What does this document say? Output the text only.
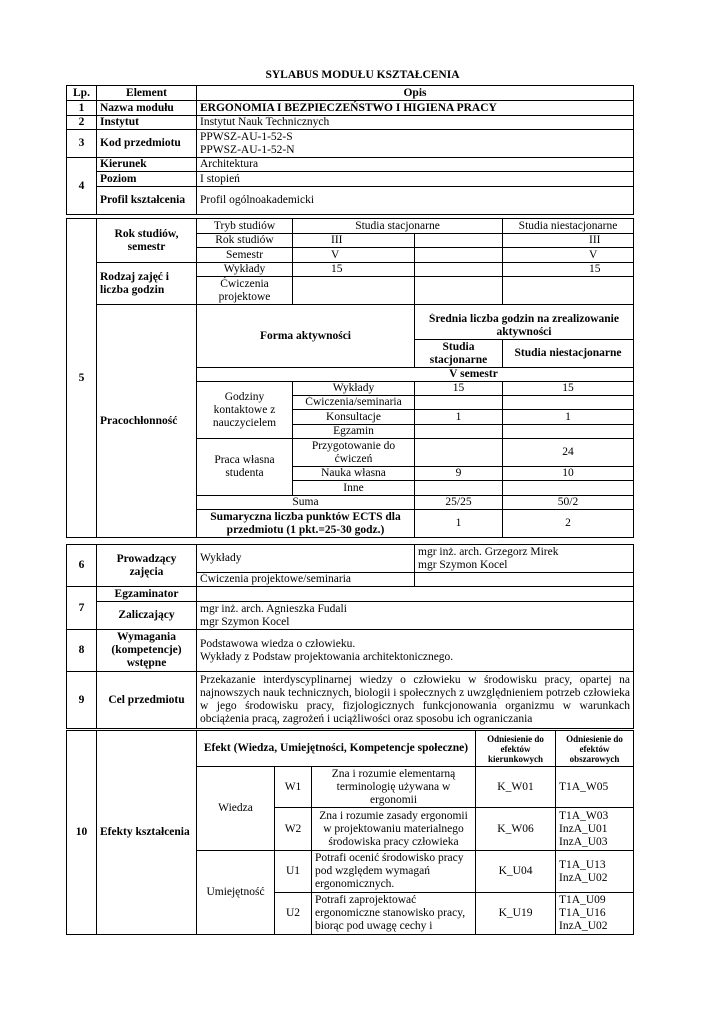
SYLABUS MODUŁU KSZTAŁCENIA
Lp.	Element	Opis
1	Nazwa modułu	ERGONOMIA I BEZPIECZEŃSTWO I HIGIENA PRACY
2	Instytut	Instytut Nauk Technicznych
3	Kod przedmiotu	PPWSZ-AU-1-52-S
PPWSZ-AU-1-52-N

4	Kierunek	Architektura
	Poziom	I stopień
	Profil kształcenia	Profil ogólnoakademicki
5	Rok studiów, semestr	Tryb studiów	Studia stacjonarne		Studia niestacjonarne
		Rok studiów	III		III
		Semestr	V		V
	Rodzaj zajęć i liczba godzin	Wykłady	15		15
		Ćwiczenia projektowe			
	Pracochłonność	Forma aktywności			
				Średnia liczba godzin na zrealizowanie aktywności	
				Studia stacjonarne	Studia niestacjonarne
		V semestr			
		Godziny kontaktowe z nauczycielem	Wykłady	15	15
			Ćwiczenia/seminaria		
			Konsultacje	1	1
			Egzamin		
		Praca własna studenta	Przygotowanie do ćwiczeń		24
			Nauka własna	9	10
			Inne		
		Suma		25/25	50/2
		Sumaryczna liczba punktów ECTS dla przedmiotu (1 pkt.=25-30 godz.)		1	2
6	Prowadzący zajęcia	Wykłady	mgr inż. arch. Grzegorz Mirek
mgr Szymon Kocel

		Ćwiczenia projektowe/seminaria	
7	Egzaminator		
	Zaliczający	mgr inż. arch. Agnieszka Fudali
mgr Szymon Kocel	

8	Wymagania (kompetencje) wstępne	Podstawowa wiedza o człowieku.
Wykłady z Podstaw projektowania architektonicznego.	

9	Cel przedmiotu	Przekazanie interdyscyplinarnej wiedzy o człowieku w środowisku pracy, opartej na najnowszych nauk technicznych, biologii i społecznych z uwzględnieniem potrzeb człowieka w jego środowisku pracy, fizjologicznych funkcjonowania organizmu w warunkach obciążenia pracą, zagrożeń i uciążliwości oraz sposobu ich ograniczania	
10	Efekty kształcenia	Efekt (Wiedza, Umiejętności, Kompetencje społeczne)			Odniesienie do efektów kierunkowych	Odniesienie do efektów obszarowych
		Wiedza	W1	Zna i rozumie elementarną terminologię używana w ergonomii	K_W01	T1A_W05

			W2	Zna i rozumie zasady ergonomii w projektowaniu materialnego środowiska pracy człowieka	K_W06	T1A_W03
InzA_U01
InzA_U03

		Umiejętność	U1	Potrafi ocenić środowisko pracy pod względem wymagań ergonomicznych.	K_U04	T1A_U13
InzA_U02

			U2	Potrafi zaprojektować ergonomiczne stanowisko pracy, biorąc pod uwagę cechy i	K_U19	T1A_U09
T1A_U16
InzA_U02
